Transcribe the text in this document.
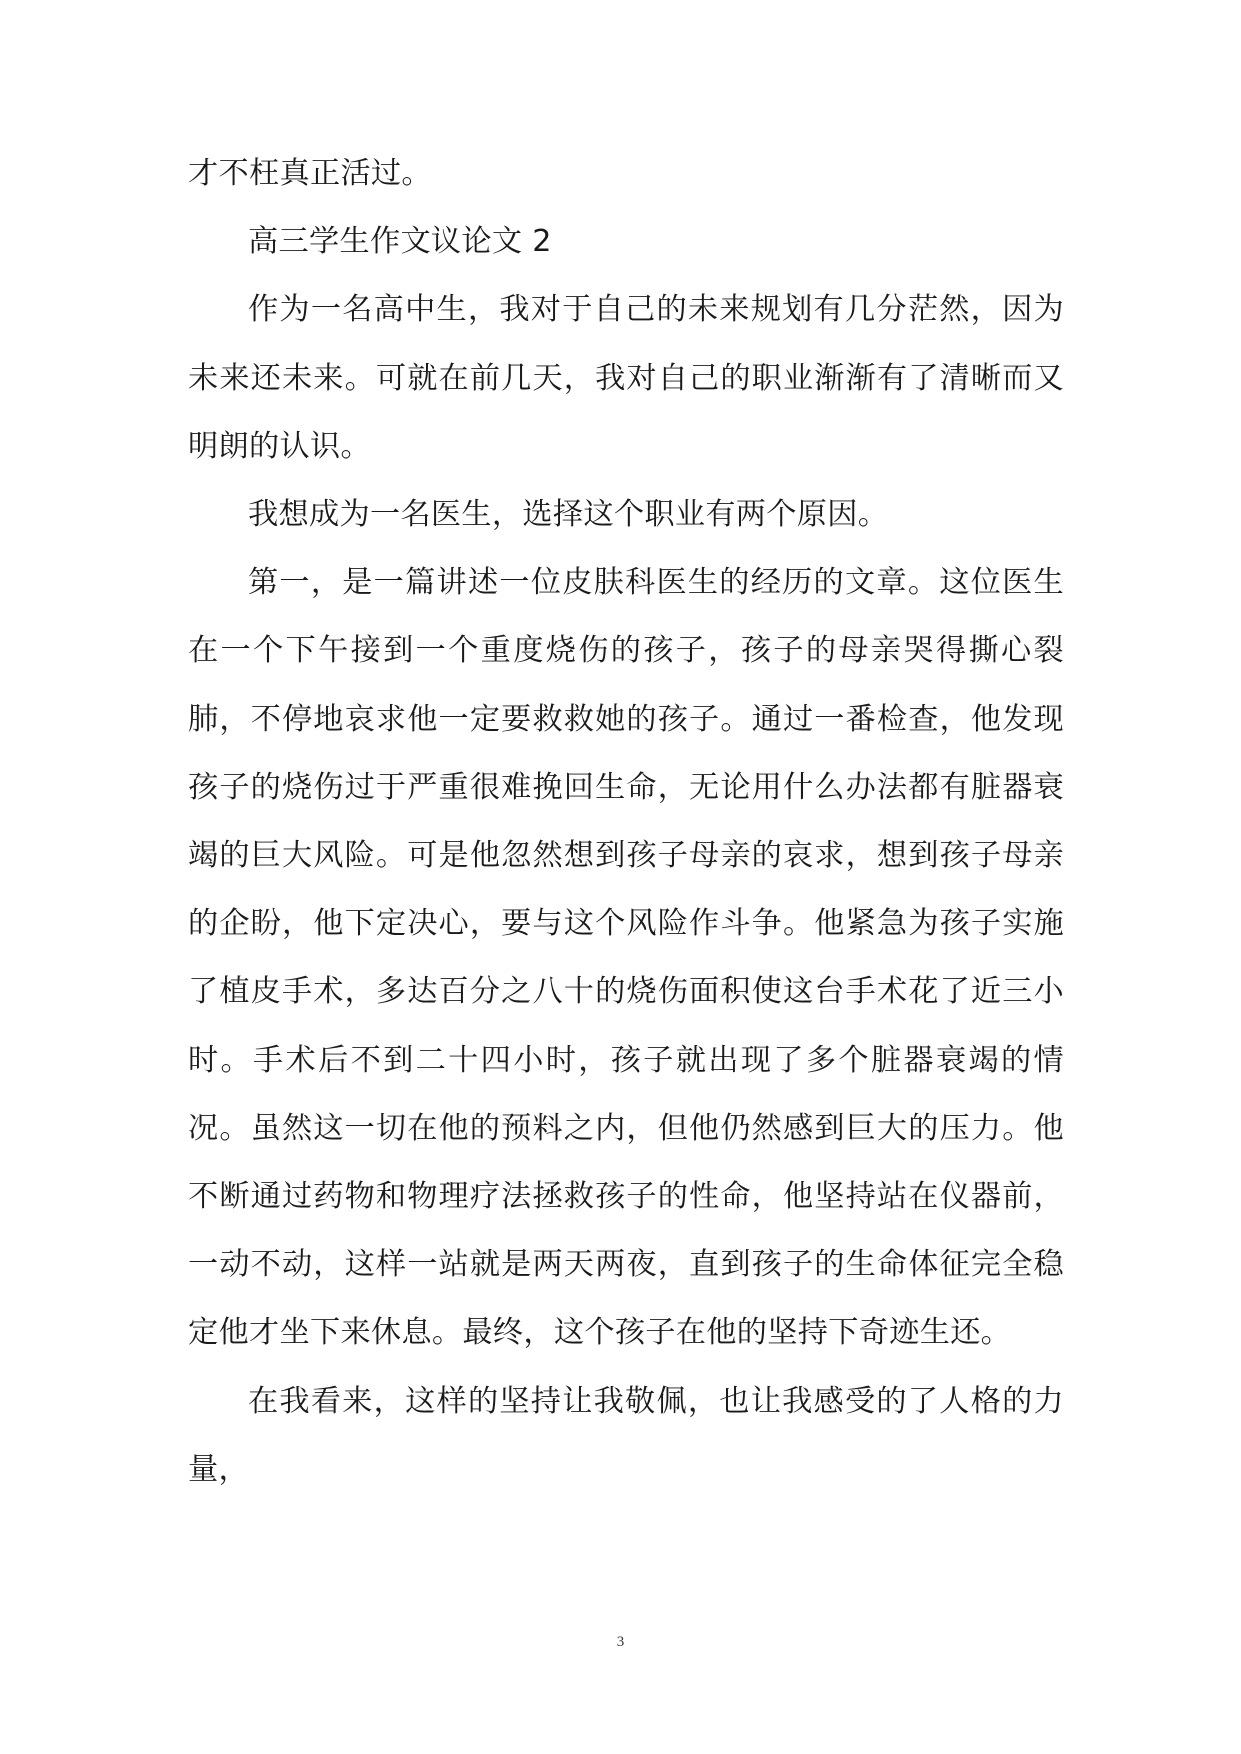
才不枉真正活过。

高三学生作文议论文 2

作为一名高中生，我对于自己的未来规划有几分茫然，因为未来还未来。可就在前几天，我对自己的职业渐渐有了清晰而又明朗的认识。

我想成为一名医生，选择这个职业有两个原因。

第一，是一篇讲述一位皮肤科医生的经历的文章。这位医生在一个下午接到一个重度烧伤的孩子，孩子的母亲哭得撕心裂肺，不停地哀求他一定要救救她的孩子。通过一番检查，他发现孩子的烧伤过于严重很难挽回生命，无论用什么办法都有脏器衰竭的巨大风险。可是他忽然想到孩子母亲的哀求，想到孩子母亲的企盼，他下定决心，要与这个风险作斗争。他紧急为孩子实施了植皮手术，多达百分之八十的烧伤面积使这台手术花了近三小时。手术后不到二十四小时，孩子就出现了多个脏器衰竭的情况。虽然这一切在他的预料之内，但他仍然感到巨大的压力。他不断通过药物和物理疗法拯救孩子的性命，他坚持站在仪器前，一动不动，这样一站就是两天两夜，直到孩子的生命体征完全稳定他才坐下来休息。最终，这个孩子在他的坚持下奇迹生还。

在我看来，这样的坚持让我敬佩，也让我感受的了人格的力量，

3
